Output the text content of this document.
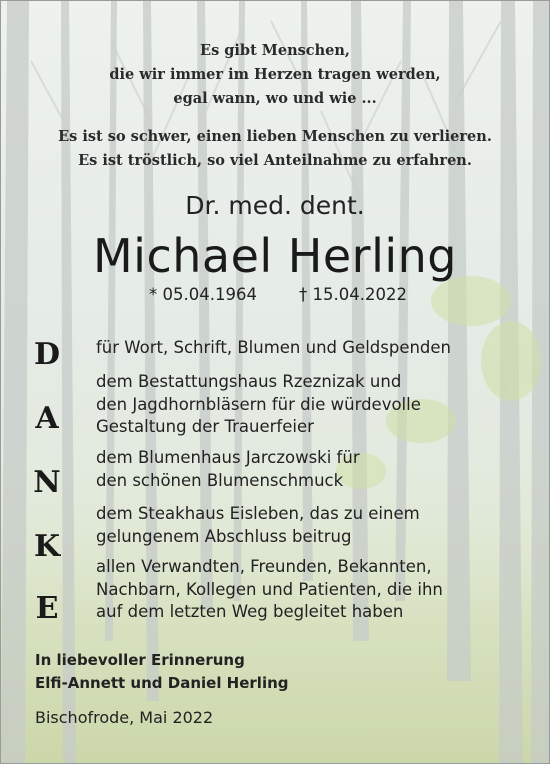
Es gibt Menschen,
die wir immer im Herzen tragen werden,
egal wann, wo und wie ...
Es ist so schwer, einen lieben Menschen zu verlieren.
Es ist tröstlich, so viel Anteilnahme zu erfahren.
Dr. med. dent.
Michael Herling
* 05.04.1964	† 15.04.2022
D
A
N
K
E
für Wort, Schrift, Blumen und Geldspenden
dem Bestattungshaus Rzeznizak und
den Jagdhornbläsern für die würdevolle
Gestaltung der Trauerfeier
dem Blumenhaus Jarczowski für
den schönen Blumenschmuck
dem Steakhaus Eisleben, das zu einem
gelungenem Abschluss beitrug
allen Verwandten, Freunden, Bekannten,
Nachbarn, Kollegen und Patienten, die ihn
auf dem letzten Weg begleitet haben
In liebevoller Erinnerung
Elfi-Annett und Daniel Herling
Bischofrode, Mai 2022
